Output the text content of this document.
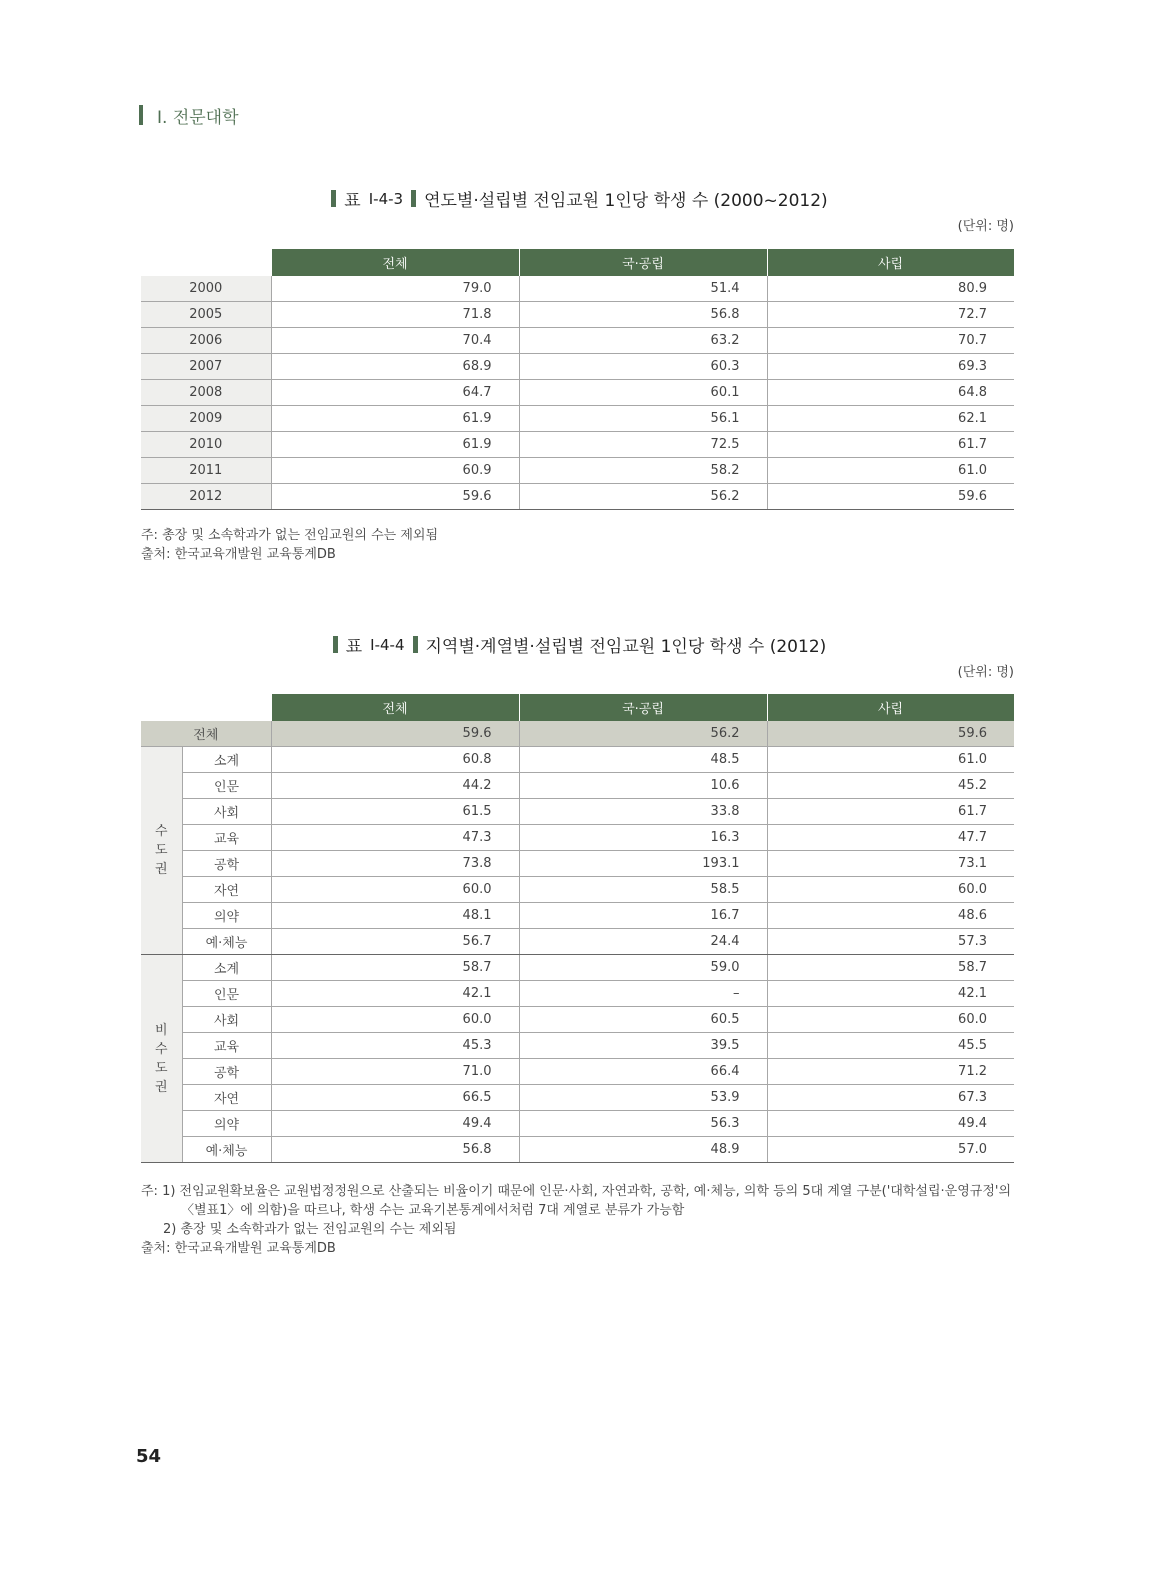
Ⅰ. 전문대학
표 Ⅰ-4-3 연도별·설립별 전임교원 1인당 학생 수 (2000~2012)
(단위: 명)
	전체	국·공립	사립
2000	79.0	51.4	80.9
2005	71.8	56.8	72.7
2006	70.4	63.2	70.7
2007	68.9	60.3	69.3
2008	64.7	60.1	64.8
2009	61.9	56.1	62.1
2010	61.9	72.5	61.7
2011	60.9	58.2	61.0
2012	59.6	56.2	59.6
주: 총장 및 소속학과가 없는 전임교원의 수는 제외됨
출처: 한국교육개발원 교육통계DB
표 Ⅰ-4-4 지역별·계열별·설립별 전임교원 1인당 학생 수 (2012)
(단위: 명)
		전체	국·공립	사립
전체		59.6	56.2	59.6
수
도
권	소계	60.8	48.5	61.0
	인문	44.2	10.6	45.2
	사회	61.5	33.8	61.7
	교육	47.3	16.3	47.7
	공학	73.8	193.1	73.1
	자연	60.0	58.5	60.0
	의약	48.1	16.7	48.6
	예·체능	56.7	24.4	57.3
비
수
도
권	소계	58.7	59.0	58.7
	인문	42.1	–	42.1
	사회	60.0	60.5	60.0
	교육	45.3	39.5	45.5
	공학	71.0	66.4	71.2
	자연	66.5	53.9	67.3
	의약	49.4	56.3	49.4
	예·체능	56.8	48.9	57.0
주: 1) 전임교원확보율은 교원법정정원으로 산출되는 비율이기 때문에 인문·사회, 자연과학, 공학, 예·체능, 의학 등의 5대 계열 구분('대학설립·운영규정'의
〈별표1〉에 의함)을 따르나, 학생 수는 교육기본통계에서처럼 7대 계열로 분류가 가능함
2) 총장 및 소속학과가 없는 전임교원의 수는 제외됨
출처: 한국교육개발원 교육통계DB
54
